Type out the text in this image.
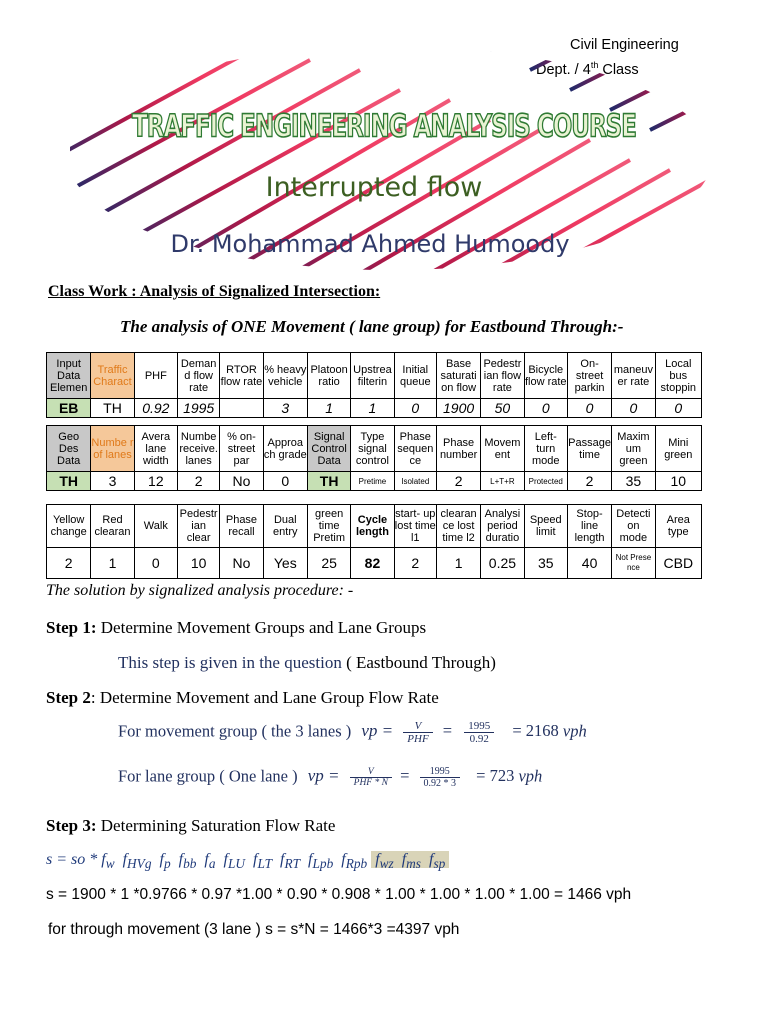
Civil Engineering
Dept. / 4th Class
TRAFFIC ENGINEERING ANALYSIS COURSE
Interrupted flow
Dr. Mohammad Ahmed Humoody
Class Work : Analysis of Signalized Intersection:
The analysis of ONE Movement ( lane group) for Eastbound Through:-
Input Data Elemen	Traffic Charact	PHF	Deman d flow rate	RTOR flow rate	% heavy vehicle	Platoon ratio	Upstrea filterin	Initial queue	Base saturati on flow	Pedestr ian flow rate	Bicycle flow rate	On- street parkin	maneuv er rate	Local bus stoppin
EB	TH	0.92	1995		3	1	1	0	1900	50	0	0	0	0
Geo Des Data	Numbe r of lanes	Avera lane width	Numbe receive. lanes	% on- street par	Approa ch grade	Signal Control Data	Type signal control	Phase sequen ce	Phase number	Movem ent	Left- turn mode	Passage time	Maxim um green	Mini green
TH	3	12	2	No	0	TH	Pretime	Isolated	2	L+T+R	Protected	2	35	10
Yellow change	Red clearan	Walk	Pedestr ian clear	Phase recall	Dual entry	green time Pretim	Cycle length	start- up lost time l1	clearan ce lost time l2	Analysi period duratio	Speed limit	Stop- line length	Detecti on mode	Area type
2	1	0	10	No	Yes	25	82	2	1	0.25	35	40	Not Prese nce	CBD
The solution by signalized analysis procedure: -
Step 1: Determine Movement Groups and Lane Groups
This step is given in the question ( Eastbound Through)
Step 2: Determine Movement and Lane Group Flow Rate
For movement group ( the 3 lanes ) vp = $\frac{V}{\text{PHF}} = \frac{1995}{0.92} = 2168$ vph
For lane group ( One lane ) vp = $\frac{V}{\text{PHF * N}} = \frac{1995}{0.92 * 3} = 723$ vph
Step 3: Determining Saturation Flow Rate
s = so * $f_w$  $f_{HVg}$  $f_p$  $f_{bb}$  $f_a$  $f_{LU}$  $f_{LT}$  $f_{RT}$  $f_{Lpb}$  $f_{Rpb}$  $f_{wz}$  $f_{ms}$  $f_{sp}$
s = 1900 * 1 *0.9766 * 0.97 *1.00 * 0.90 * 0.908 * 1.00 * 1.00 * 1.00 * 1.00 = 1466 vph
for through movement (3 lane ) s = s*N = 1466*3 =4397 vph
